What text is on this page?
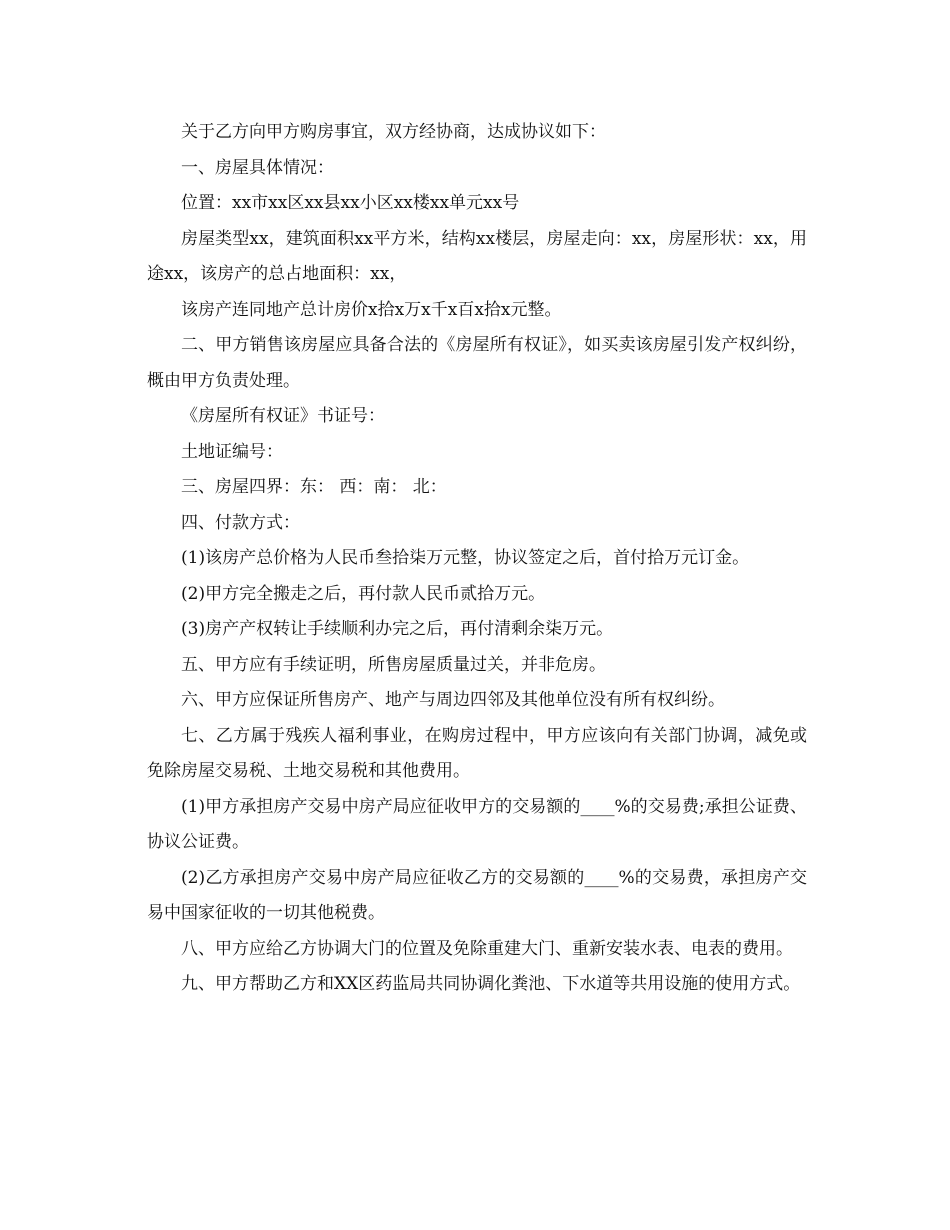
关于乙方向甲方购房事宜，双方经协商，达成协议如下：

一、房屋具体情况：

位置：xx市xx区xx县xx小区xx楼xx单元xx号

房屋类型xx，建筑面积xx平方米，结构xx楼层，房屋走向：xx，房屋形状：xx，用途xx，该房产的总占地面积：xx，

该房产连同地产总计房价x拾x万x千x百x拾x元整。

二、甲方销售该房屋应具备合法的《房屋所有权证》，如买卖该房屋引发产权纠纷，概由甲方负责处理。

《房屋所有权证》书证号：

土地证编号：

三、房屋四界：东： 西：南： 北：

四、付款方式：

(1)该房产总价格为人民币叁拾柒万元整，协议签定之后，首付拾万元订金。

(2)甲方完全搬走之后，再付款人民币贰拾万元。

(3)房产产权转让手续顺利办完之后，再付清剩余柒万元。

五、甲方应有手续证明，所售房屋质量过关，并非危房。

六、甲方应保证所售房产、地产与周边四邻及其他单位没有所有权纠纷。

七、乙方属于残疾人福利事业，在购房过程中，甲方应该向有关部门协调，减免或免除房屋交易税、土地交易税和其他费用。

(1)甲方承担房产交易中房产局应征收甲方的交易额的____%的交易费;承担公证费、协议公证费。

(2)乙方承担房产交易中房产局应征收乙方的交易额的____%的交易费，承担房产交易中国家征收的一切其他税费。

八、甲方应给乙方协调大门的位置及免除重建大门、重新安装水表、电表的费用。

九、甲方帮助乙方和XX区药监局共同协调化粪池、下水道等共用设施的使用方式。
